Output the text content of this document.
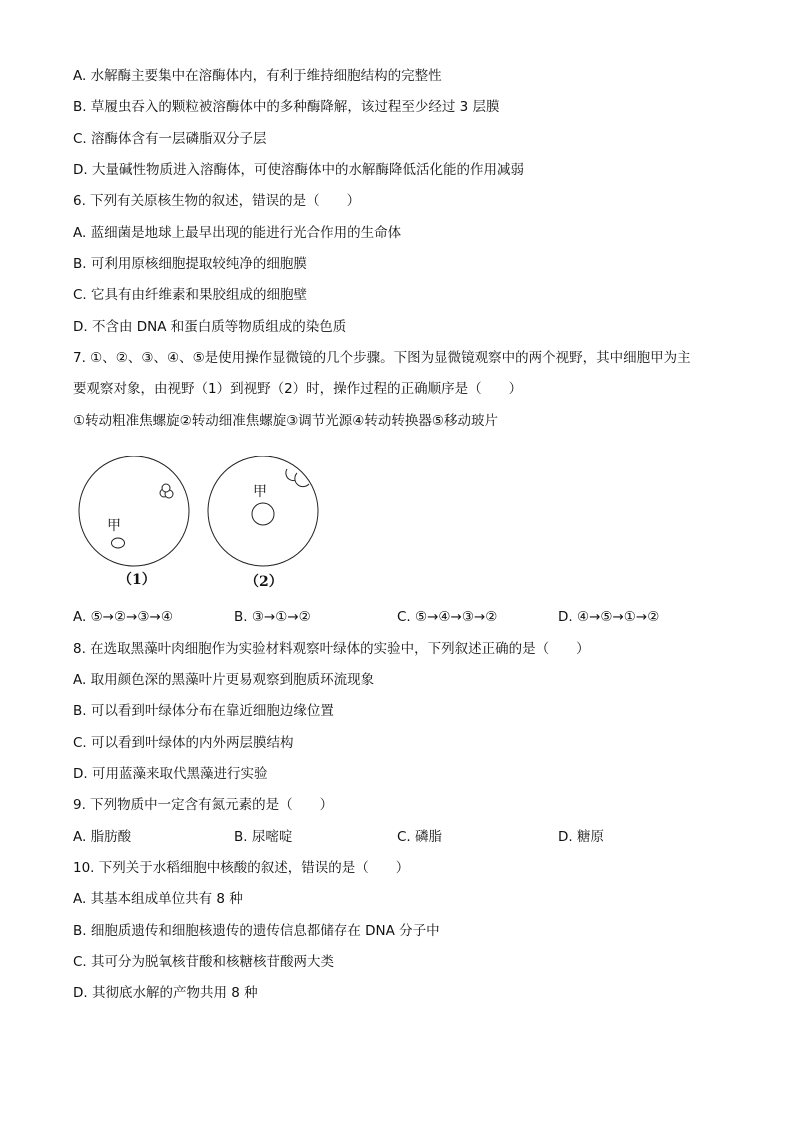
A. 水解酶主要集中在溶酶体内，有利于维持细胞结构的完整性
B. 草履虫吞入的颗粒被溶酶体中的多种酶降解，该过程至少经过 3 层膜
C. 溶酶体含有一层磷脂双分子层
D. 大量碱性物质进入溶酶体，可使溶酶体中的水解酶降低活化能的作用减弱
6. 下列有关原核生物的叙述，错误的是（　　）
A. 蓝细菌是地球上最早出现的能进行光合作用的生命体
B. 可利用原核细胞提取较纯净的细胞膜
C. 它具有由纤维素和果胶组成的细胞壁
D. 不含由 DNA 和蛋白质等物质组成的染色质
7. ①、②、③、④、⑤是使用操作显微镜的几个步骤。下图为显微镜观察中的两个视野，其中细胞甲为主
要观察对象，由视野（1）到视野（2）时，操作过程的正确顺序是（　　）
①转动粗准焦螺旋②转动细准焦螺旋③调节光源④转动转换器⑤移动玻片
甲
甲
（1）	（2）
A. ⑤→②→③→④	B. ③→①→②	C. ⑤→④→③→②	D. ④→⑤→①→②
8. 在选取黑藻叶肉细胞作为实验材料观察叶绿体的实验中，下列叙述正确的是（　　）
A. 取用颜色深的黑藻叶片更易观察到胞质环流现象
B. 可以看到叶绿体分布在靠近细胞边缘位置
C. 可以看到叶绿体的内外两层膜结构
D. 可用蓝藻来取代黑藻进行实验
9. 下列物质中一定含有氮元素的是（　　）
A. 脂肪酸	B. 尿嘧啶	C. 磷脂	D. 糖原
10. 下列关于水稻细胞中核酸的叙述，错误的是（　　）
A. 其基本组成单位共有 8 种
B. 细胞质遗传和细胞核遗传的遗传信息都储存在 DNA 分子中
C. 其可分为脱氧核苷酸和核糖核苷酸两大类
D. 其彻底水解的产物共用 8 种
